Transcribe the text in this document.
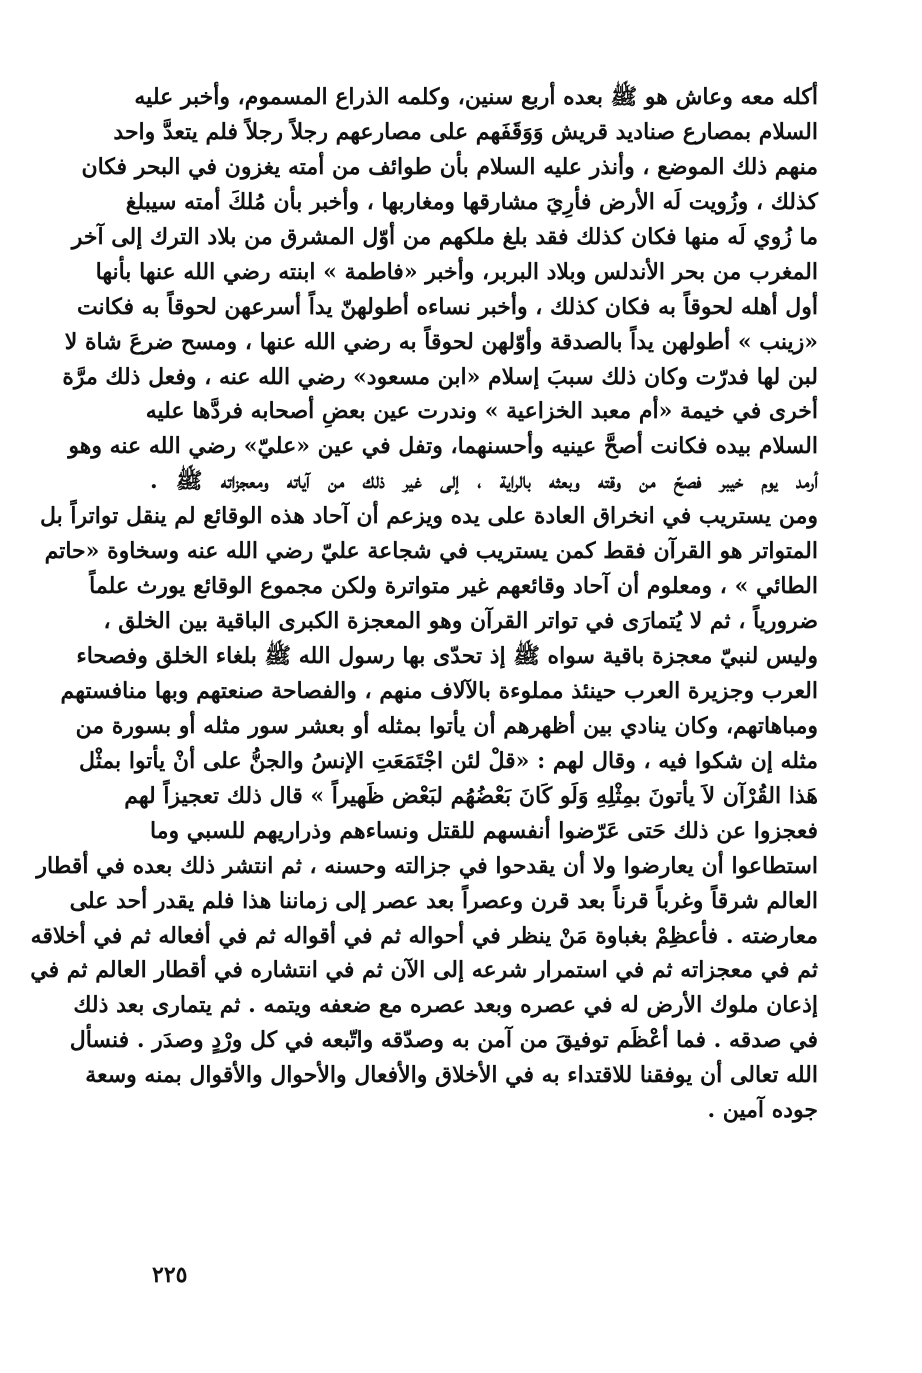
أكله معه وعاش هو ﷺ بعده أربع سنين، وكلمه الذراع المسموم، وأخبر عليه
السلام بمصارع صناديد قريش وَوَقَفَهم على مصارعهم رجلاً رجلاً فلم يتعدَّ واحد
منهم ذلك الموضع ، وأنذر عليه السلام بأن طوائف من أمته يغزون في البحر فكان
كذلك ، وزُويت لَه الأرض فأرِيَ مشارقها ومغاربها ، وأخبر بأن مُلكَ أمته سيبلغ
ما زُوي لَه منها فكان كذلك فقد بلغ ملكهم من أوّل المشرق من بلاد الترك إلى آخر
المغرب من بحر الأندلس وبلاد البربر، وأخبر «فاطمة » ابنته رضي الله عنها بأنها
أول أهله لحوقاً به فكان كذلك ، وأخبر نساءه أطولهنّ يداً أسرعهن لحوقاً به فكانت
«زينب » أطولهن يداً بالصدقة وأوّلهن لحوقاً به رضي الله عنها ، ومسح ضرعَ شاة لا
لبن لها فدرّت وكان ذلك سببَ إسلام «ابن مسعود» رضي الله عنه ، وفعل ذلك مرَّة
أخرى في خيمة «أم معبد الخزاعية » وندرت عين بعضِ أصحابه فردَّها عليه
السلام بيده فكانت أصحَّ عينيه وأحسنهما، وتفل في عين «عليّ» رضي الله عنه وهو
أرمد يوم خيبر فصحّ من وقته وبعثه بالراية ، إلى غير ذلك من آياته ومعجزاته ﷺ .
ومن يستريب في انخراق العادة على يده ويزعم أن آحاد هذه الوقائع لم ينقل تواتراً بل
المتواتر هو القرآن فقط كمن يستريب في شجاعة عليّ رضي الله عنه وسخاوة «حاتم
الطائي » ، ومعلوم أن آحاد وقائعهم غير متواترة ولكن مجموع الوقائع يورث علماً
ضرورياً ، ثم لا يُتمارَى في تواتر القرآن وهو المعجزة الكبرى الباقية بين الخلق ،
وليس لنبيّ معجزة باقية سواه ﷺ إذ تحدّى بها رسول الله ﷺ بلغاء الخلق وفصحاء
العرب وجزيرة العرب حينئذ مملوءة بالآلاف منهم ، والفصاحة صنعتهم وبها منافستهم
ومباهاتهم، وكان ينادي بين أظهرهم أن يأتوا بمثله أو بعشر سور مثله أو بسورة من
مثله إن شكوا فيه ، وقال لهم : «قلْ لئن اجْتَمَعَتِ الإنسُ والجنُّ على أنْ يأتوا بمثْل
هَذا القُرْآن لاَ يأتونَ بمِثْلِهِ وَلَو كَانَ بَعْضُهُم لبَعْض ظَهيراً » قال ذلك تعجيزاً لهم
فعجزوا عن ذلك حَتى عَرّضوا أنفسهم للقتل ونساءهم وذراريهم للسبي وما
استطاعوا أن يعارضوا ولا أن يقدحوا في جزالته وحسنه ، ثم انتشر ذلك بعده في أقطار
العالم شرقاً وغرباً قرناً بعد قرن وعصراً بعد عصر إلى زماننا هذا فلم يقدر أحد على
معارضته . فأعظِمْ بغباوة مَنْ ينظر في أحواله ثم في أقواله ثم في أفعاله ثم في أخلاقه
ثم في معجزاته ثم في استمرار شرعه إلى الآن ثم في انتشاره في أقطار العالم ثم في
إذعان ملوك الأرض له في عصره وبعد عصره مع ضعفه ويتمه . ثم يتمارى بعد ذلك
في صدقه . فما أعْظَم توفيقَ من آمن به وصدّقه واتّبعه في كل ورْدٍ وصدَر . فنسأل
الله تعالى أن يوفقنا للاقتداء به في الأخلاق والأفعال والأحوال والأقوال بمنه وسعة
جوده آمين .
٢٢٥
